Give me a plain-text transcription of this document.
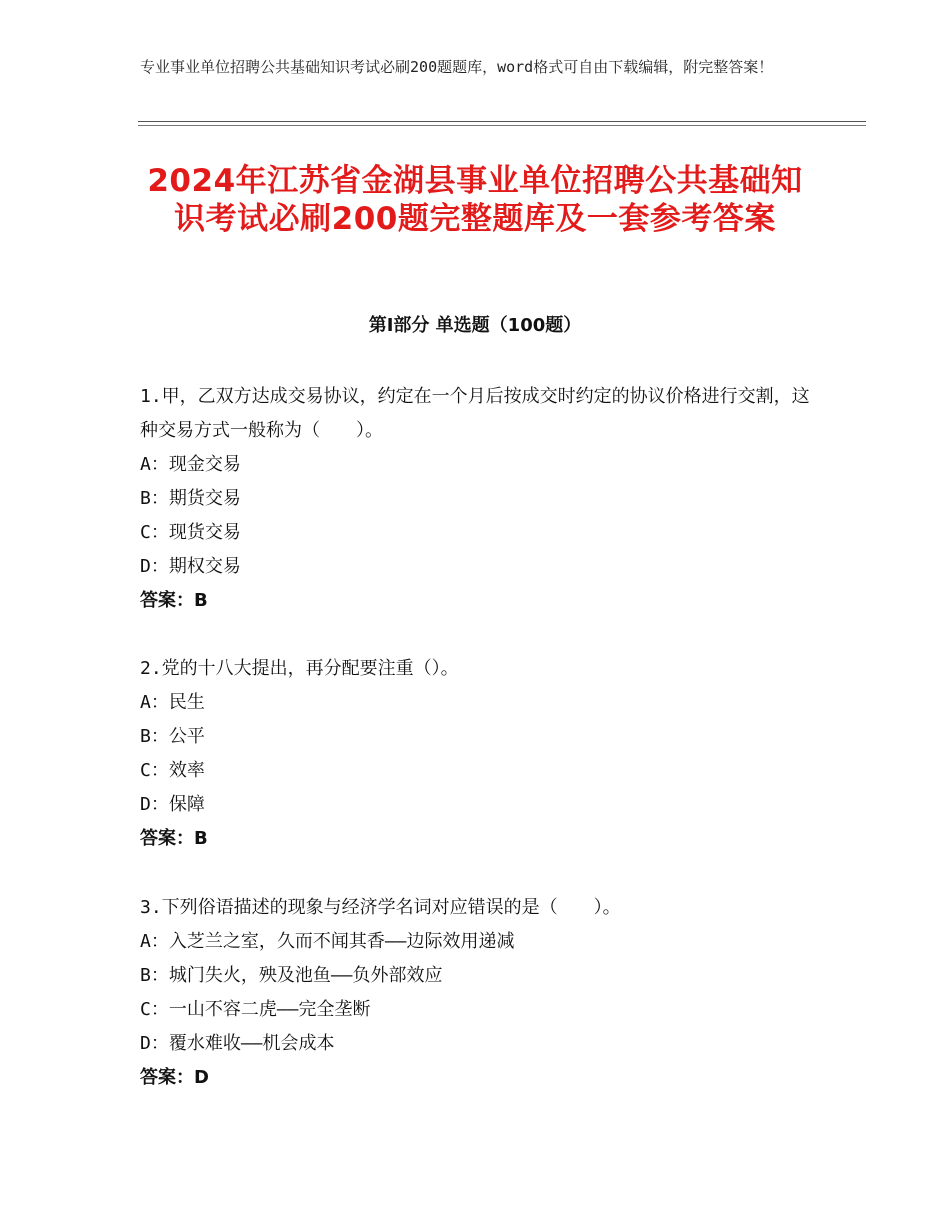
专业事业单位招聘公共基础知识考试必刷200题题库，word格式可自由下载编辑，附完整答案！
2024年江苏省金湖县事业单位招聘公共基础知识考试必刷200题完整题库及一套参考答案
第Ⅰ部分 单选题（100题）
1.甲，乙双方达成交易协议，约定在一个月后按成交时约定的协议价格进行交割，这种交易方式一般称为（　　）。
A：现金交易
B：期货交易
C：现货交易
D：期权交易
答案：B
2.党的十八大提出，再分配要注重（）。
A：民生
B：公平
C：效率
D：保障
答案：B
3.下列俗语描述的现象与经济学名词对应错误的是（　　）。
A：入芝兰之室，久而不闻其香——边际效用递减
B：城门失火，殃及池鱼——负外部效应
C：一山不容二虎——完全垄断
D：覆水难收——机会成本
答案：D
